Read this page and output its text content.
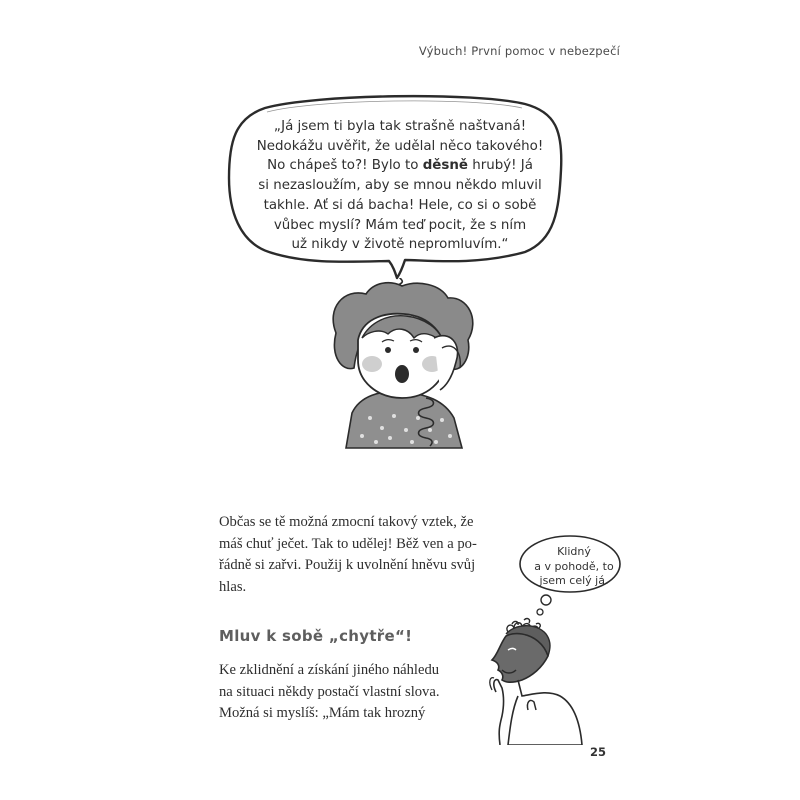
Výbuch! První pomoc v nebezpečí
„Já jsem ti byla tak strašně naštvaná!
Nedokážu uvěřit, že udělal něco takového!
No chápeš to?! Bylo to děsně hrubý! Já
si nezasloužím, aby se mnou někdo mluvil
takhle. Ať si dá bacha! Hele, co si o sobě
vůbec myslí? Mám teď pocit, že s ním
už nikdy v životě nepromluvím.“
Občas se tě možná zmocní takový vztek, že
máš chuť ječet. Tak to udělej! Běž ven a po-
řádně si zařvi. Použij k uvolnění hněvu svůj
hlas.
Klidný
a v pohodě, to
jsem celý já.
Mluv k sobě „chytře“!
Ke zklidnění a získání jiného náhledu
na situaci někdy postačí vlastní slova.
Možná si myslíš: „Mám tak hrozný
25
